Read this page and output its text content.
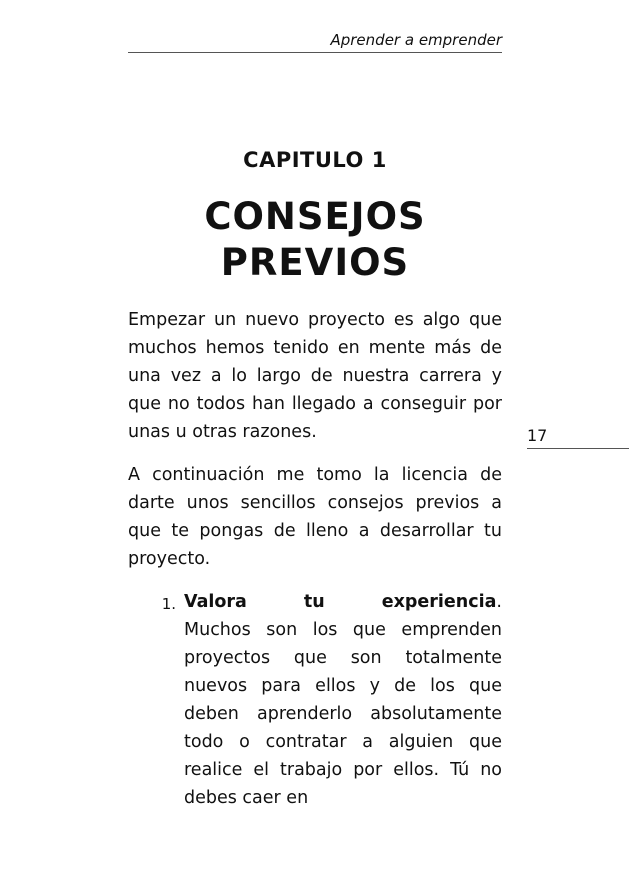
Aprender a emprender
CAPITULO 1
CONSEJOS
PREVIOS

Empezar un nuevo proyecto es algo que muchos hemos tenido en mente más de una vez a lo largo de nuestra carrera y que no todos han llegado a conseguir por unas u otras razones.

A continuación me tomo la licencia de darte unos sencillos consejos previos a que te pongas de lleno a desarrollar tu proyecto.

1. Valora	tu	experiencia.
Muchos son los que emprenden proyectos que son totalmente nuevos para ellos y de los que deben aprenderlo absolutamente todo o contratar a alguien que realice el trabajo por ellos. Tú no debes caer en
17
